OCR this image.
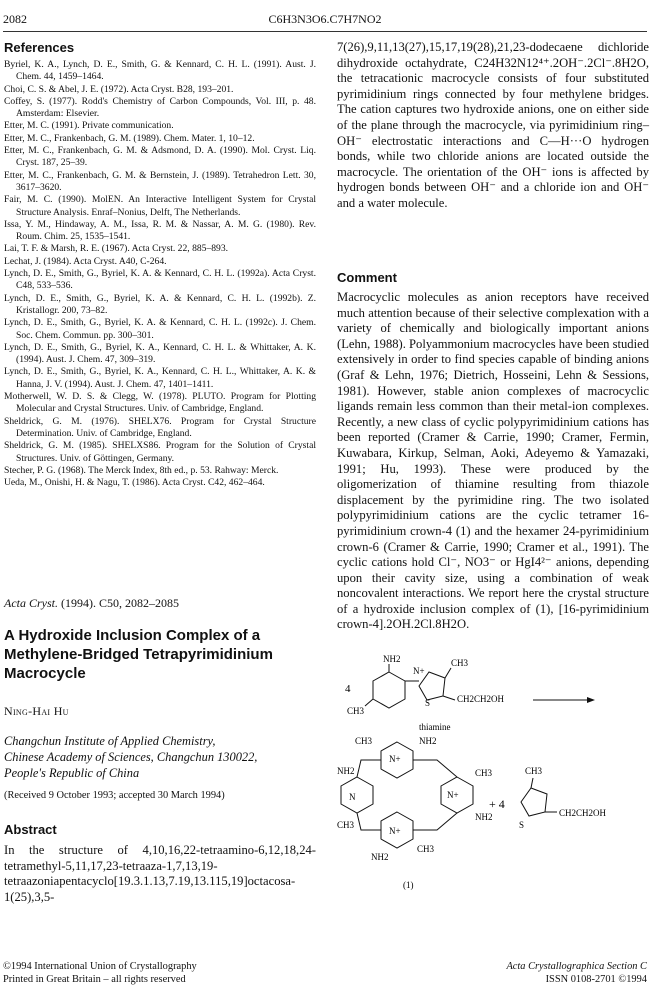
2082	C6H3N3O6.C7H7NO2
References
Byriel, K. A., Lynch, D. E., Smith, G. & Kennard, C. H. L. (1991). Aust. J. Chem. 44, 1459–1464.
Choi, C. S. & Abel, J. E. (1972). Acta Cryst. B28, 193–201.
Coffey, S. (1977). Rodd's Chemistry of Carbon Compounds, Vol. III, p. 48. Amsterdam: Elsevier.
Etter, M. C. (1991). Private communication.
Etter, M. C., Frankenbach, G. M. (1989). Chem. Mater. 1, 10–12.
Etter, M. C., Frankenbach, G. M. & Adsmond, D. A. (1990). Mol. Cryst. Liq. Cryst. 187, 25–39.
Etter, M. C., Frankenbach, G. M. & Bernstein, J. (1989). Tetrahedron Lett. 30, 3617–3620.
Fair, M. C. (1990). MolEN. An Interactive Intelligent System for Crystal Structure Analysis. Enraf–Nonius, Delft, The Netherlands.
Issa, Y. M., Hindaway, A. M., Issa, R. M. & Nassar, A. M. G. (1980). Rev. Roum. Chim. 25, 1535–1541.
Lai, T. F. & Marsh, R. E. (1967). Acta Cryst. 22, 885–893.
Lechat, J. (1984). Acta Cryst. A40, C-264.
Lynch, D. E., Smith, G., Byriel, K. A. & Kennard, C. H. L. (1992a). Acta Cryst. C48, 533–536.
Lynch, D. E., Smith, G., Byriel, K. A. & Kennard, C. H. L. (1992b). Z. Kristallogr. 200, 73–82.
Lynch, D. E., Smith, G., Byriel, K. A. & Kennard, C. H. L. (1992c). J. Chem. Soc. Chem. Commun. pp. 300–301.
Lynch, D. E., Smith, G., Byriel, K. A., Kennard, C. H. L. & Whittaker, A. K. (1994). Aust. J. Chem. 47, 309–319.
Lynch, D. E., Smith, G., Byriel, K. A., Kennard, C. H. L., Whittaker, A. K. & Hanna, J. V. (1994). Aust. J. Chem. 47, 1401–1411.
Motherwell, W. D. S. & Clegg, W. (1978). PLUTO. Program for Plotting Molecular and Crystal Structures. Univ. of Cambridge, England.
Sheldrick, G. M. (1976). SHELX76. Program for Crystal Structure Determination. Univ. of Cambridge, England.
Sheldrick, G. M. (1985). SHELXS86. Program for the Solution of Crystal Structures. Univ. of Göttingen, Germany.
Stecher, P. G. (1968). The Merck Index, 8th ed., p. 53. Rahway: Merck.
Ueda, M., Onishi, H. & Nagu, T. (1986). Acta Cryst. C42, 462–464.
Acta Cryst. (1994). C50, 2082–2085
A Hydroxide Inclusion Complex of a Methylene-Bridged Tetrapyrimidinium Macrocycle
Ning-Hai Hu
Changchun Institute of Applied Chemistry,
Chinese Academy of Sciences, Changchun 130022,
People's Republic of China
(Received 9 October 1993; accepted 30 March 1994)
Abstract

In the structure of 4,10,16,22-tetraamino-6,12,18,24-tetramethyl-5,11,17,23-tetraaza-1,7,13,19-tetraazoniapentacyclo[19.3.1.13,7.19,13.115,19]octacosa-1(25),3,5-

7(26),9,11,13(27),15,17,19(28),21,23-dodecaene dichloride dihydroxide octahydrate, C24H32N12⁴⁺.2OH⁻.2Cl⁻.8H2O, the tetracationic macrocycle consists of four substituted pyrimidinium rings connected by four methylene bridges. The cation captures two hydroxide anions, one on either side of the plane through the macrocycle, via pyrimidinium ring–OH⁻ electrostatic interactions and C—H···O hydrogen bonds, while two chloride anions are located outside the macrocycle. The orientation of the OH⁻ ions is affected by hydrogen bonds between OH⁻ and a chloride ion and OH⁻ and a water molecule.

Comment

Macrocyclic molecules as anion receptors have received much attention because of their selective complexation with a variety of chemically and biologically important anions (Lehn, 1988). Polyammonium macrocycles have been studied extensively in order to find species capable of binding anions (Graf & Lehn, 1976; Dietrich, Hosseini, Lehn & Sessions, 1981). However, stable anion complexes of macrocyclic ligands remain less common than their metal-ion complexes. Recently, a new class of cyclic polypyrimidinium cations has been reported (Cramer & Carrie, 1990; Cramer, Fermin, Kuwabara, Kirkup, Selman, Aoki, Adeyemo & Yamazaki, 1991; Hu, 1993). These were produced by the oligomerization of thiamine resulting from thiazole displacement by the pyrimidine ring. The two isolated polypyrimidinium cations are the cyclic tetramer 16-pyrimidinium crown-4 (1) and the hexamer 24-pyrimidinium crown-6 (Cramer & Carrie, 1990; Cramer et al., 1991). The cyclic cations hold Cl⁻, NO3⁻ or HgI4²⁻ anions, depending upon their cavity size, using a combination of weak noncovalent interactions. We report here the crystal structure of a hydroxide inclusion complex of (1), [16-pyrimidinium crown-4].2OH.2Cl.8H2O.

4
NH2	CH3
CH3
S
N+
CH2CH2OH
thiamine
CH3	NH2
N+
NH2	CH3
N+
N
NH2
CH3
N+
NH2
CH3
+ 4
CH3
S
CH2CH2OH
(1)
©1994 International Union of Crystallography
Printed in Great Britain – all rights reserved
Acta Crystallographica Section C
ISSN 0108-2701 ©1994
